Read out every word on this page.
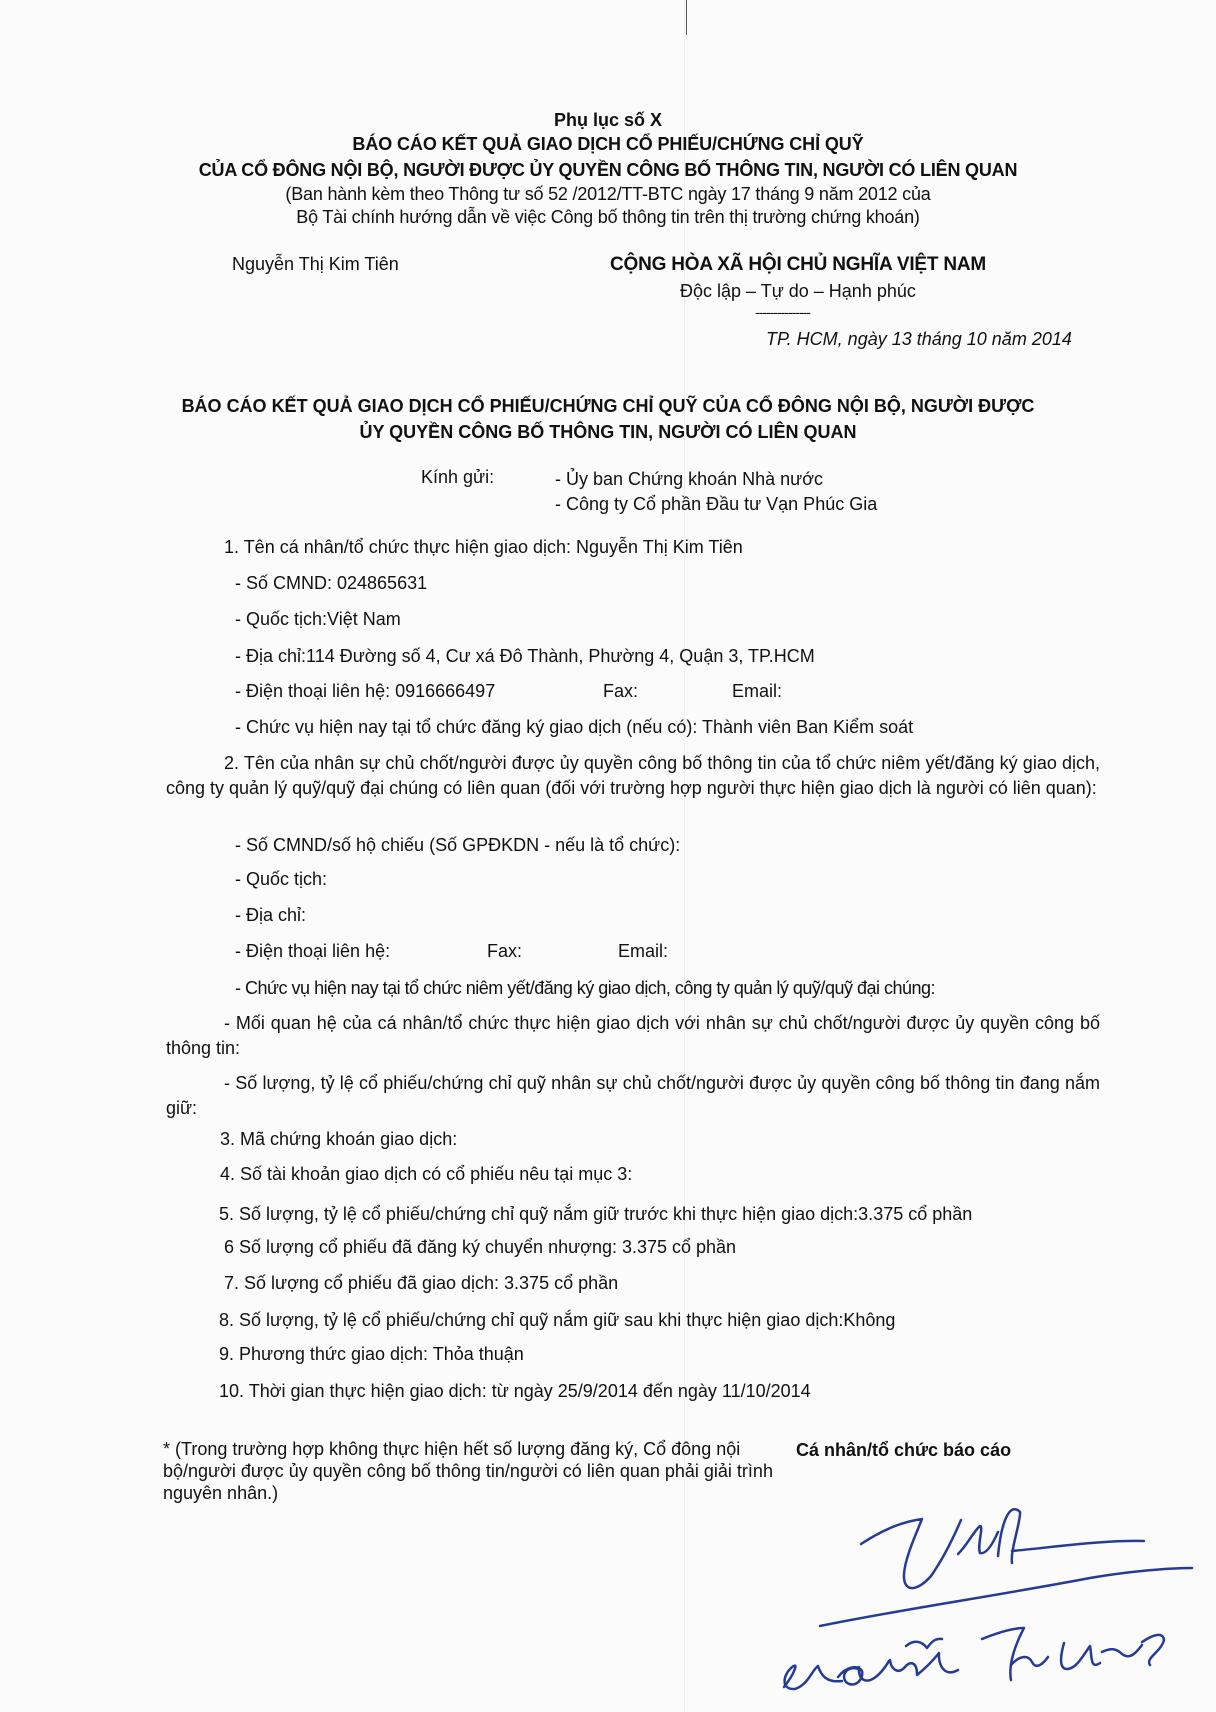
Phụ lục số X
BÁO CÁO KẾT QUẢ GIAO DỊCH CỔ PHIẾU/CHỨNG CHỈ QUỸ
CỦA CỔ ĐÔNG NỘI BỘ, NGƯỜI ĐƯỢC ỦY QUYỀN CÔNG BỐ THÔNG TIN, NGƯỜI CÓ LIÊN QUAN
(Ban hành kèm theo Thông tư số 52 /2012/TT-BTC ngày 17 tháng 9 năm 2012 của
Bộ Tài chính hướng dẫn về việc Công bố thông tin trên thị trường chứng khoán)
Nguyễn Thị Kim Tiên	CỘNG HÒA XÃ HỘI CHỦ NGHĨA VIỆT NAM
Độc lập – Tự do – Hạnh phúc
---------------
TP. HCM, ngày 13 tháng 10 năm 2014
BÁO CÁO KẾT QUẢ GIAO DỊCH CỔ PHIẾU/CHỨNG CHỈ QUỸ CỦA CỔ ĐÔNG NỘI BỘ, NGƯỜI ĐƯỢC
ỦY QUYỀN CÔNG BỐ THÔNG TIN, NGƯỜI CÓ LIÊN QUAN
Kính gửi:	- Ủy ban Chứng khoán Nhà nước
- Công ty Cổ phần Đầu tư Vạn Phúc Gia
1. Tên cá nhân/tổ chức thực hiện giao dịch: Nguyễn Thị Kim Tiên
- Số CMND: 024865631
- Quốc tịch:Việt Nam
- Địa chỉ:114 Đường số 4, Cư xá Đô Thành, Phường 4, Quận 3, TP.HCM
- Điện thoại liên hệ: 0916666497	Fax:	Email:
- Chức vụ hiện nay tại tổ chức đăng ký giao dịch (nếu có): Thành viên Ban Kiểm soát
2. Tên của nhân sự chủ chốt/người được ủy quyền công bố thông tin của tổ chức niêm yết/đăng ký giao dịch, công ty quản lý quỹ/quỹ đại chúng có liên quan (đối với trường hợp người thực hiện giao dịch là người có liên quan):
- Số CMND/số hộ chiếu (Số GPĐKDN - nếu là tổ chức):
- Quốc tịch:
- Địa chỉ:
- Điện thoại liên hệ:	Fax:	Email:
- Chức vụ hiện nay tại tổ chức niêm yết/đăng ký giao dịch, công ty quản lý quỹ/quỹ đại chúng:
- Mối quan hệ của cá nhân/tổ chức thực hiện giao dịch với nhân sự chủ chốt/người được ủy quyền công bố thông tin:
- Số lượng, tỷ lệ cổ phiếu/chứng chỉ quỹ nhân sự chủ chốt/người được ủy quyền công bố thông tin đang nắm giữ:
3. Mã chứng khoán giao dịch:
4. Số tài khoản giao dịch có cổ phiếu nêu tại mục 3:
5. Số lượng, tỷ lệ cổ phiếu/chứng chỉ quỹ nắm giữ trước khi thực hiện giao dịch:3.375 cổ phần
6 Số lượng cổ phiếu đã đăng ký chuyển nhượng: 3.375 cổ phần
7. Số lượng cổ phiếu đã giao dịch: 3.375 cổ phần
8. Số lượng, tỷ lệ cổ phiếu/chứng chỉ quỹ nắm giữ sau khi thực hiện giao dịch:Không
9. Phương thức giao dịch: Thỏa thuận
10. Thời gian thực hiện giao dịch: từ ngày 25/9/2014 đến ngày 11/10/2014
* (Trong trường hợp không thực hiện hết số lượng đăng ký, Cổ đông nội bộ/người được ủy quyền công bố thông tin/người có liên quan phải giải trình nguyên nhân.)
Cá nhân/tổ chức báo cáo
